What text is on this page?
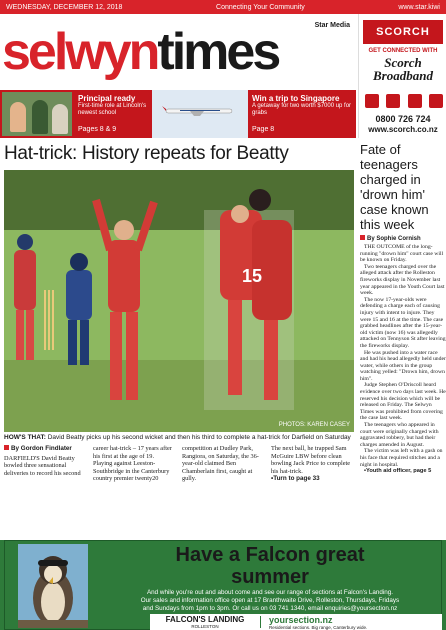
WEDNESDAY, DECEMBER 12, 2018	Connecting Your Community	www.star.kiwi
selwyntimes	Star Media
SCORCH
GET CONNECTED WITH
Scorch
Broadband
0800 726 724
www.scorch.co.nz
Principal ready
First-time role at Lincoln's newest school
Pages 8 & 9
Win a trip to Singapore
A getaway for two worth $7000 up for grabs
Page 8
Hat-trick: History repeats for Beatty
15
PHOTOS: KAREN CASEY
HOW'S THAT: David Beatty picks up his second wicket and then his third to complete a hat-trick for Darfield on Saturday
By Gordon Findlater
DARFIELD'S David Beatty bowled three sensational deliveries to record his second
career hat-trick – 17 years after his first at the age of 19.
Playing against Leeston-Southbridge in the Canterbury country premier twenty20
competition at Dudley Park, Rangiora, on Saturday, the 36-year-old claimed Ben Chamberlain first, caught at gully.
The next ball, he trapped Sam McGuire LBW before clean bowling Jack Price to complete his hat-trick.
•Turn to page 33
Fate of teenagers charged in 'drown him' case known this week
By Sophie Cornish

THE OUTCOME of the long-running "drown him" court case will be known on Friday.

Two teenagers charged over the alleged attack after the Rolleston fireworks display in November last year appeared in the Youth Court last week.

The now 17-year-olds were defending a charge each of causing injury with intent to injure. They were 15 and 16 at the time. The case grabbed headlines after the 15-year-old victim (now 16) was allegedly attacked on Tennyson St after leaving the fireworks display.

He was pushed into a water race and had his head allegedly held under water, while others in the group watching yelled: "Drown him, drown him".

Judge Stephen O'Driscoll heard evidence over two days last week. He reserved his decision which will be released on Friday. The Selwyn Times was prohibited from covering the case last week.

The teenagers who appeared in court were originally charged with aggravated robbery, but had their charges amended in August.

The victim was left with a gash on his face that required stitches and a night in hospital.

•Youth aid officer, page 5

Have a Falcon great
summer
And while you're out and about come and see our range of sections at Falcon's Landing.
Our sales and information office open at 17 Branthwaite Drive, Rolleston, Thursdays, Fridays
and Sundays from 1pm to 3pm. Or call us on 03 741 1340, email enquiries@yoursection.nz
FALCON'S LANDING
ROLLESTON
yoursection.nz
Residential sections. Big range, Canterbury wide.
